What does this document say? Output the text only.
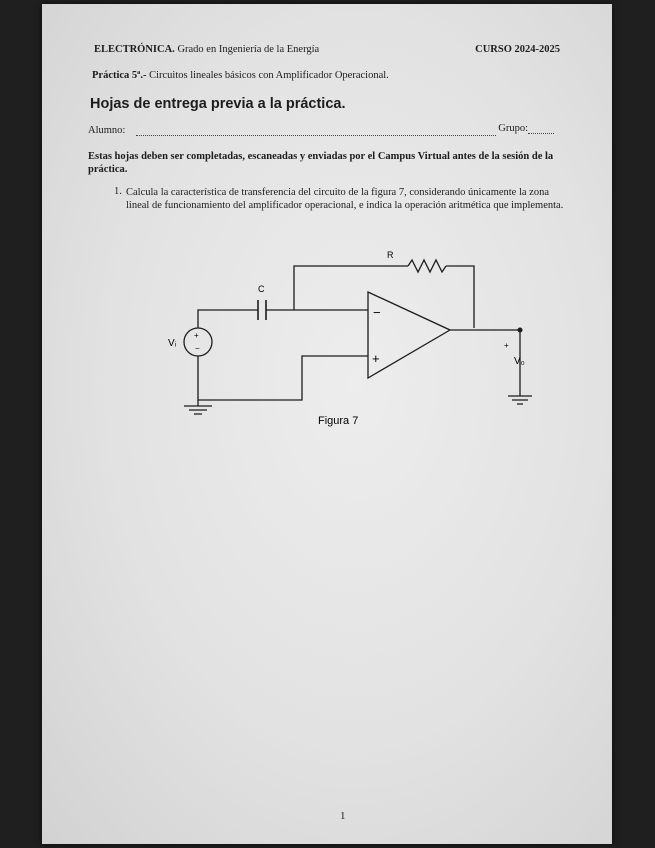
ELECTRÓNICA. Grado en Ingeniería de la Energía	CURSO 2024-2025
Práctica 5ª.- Circuitos lineales básicos con Amplificador Operacional.
Hojas de entrega previa a la práctica.
Alumno:	Grupo:
Estas hojas deben ser completadas, escaneadas y enviadas por el Campus Virtual antes de la sesión de la práctica.
1. Calcula la característica de transferencia del circuito de la figura 7, considerando únicamente la zona lineal de funcionamiento del amplificador operacional, e indica la operación aritmética que implementa.
R
C
Vᵢ
+
−
−
+
+
V₀
Figura 7
1
